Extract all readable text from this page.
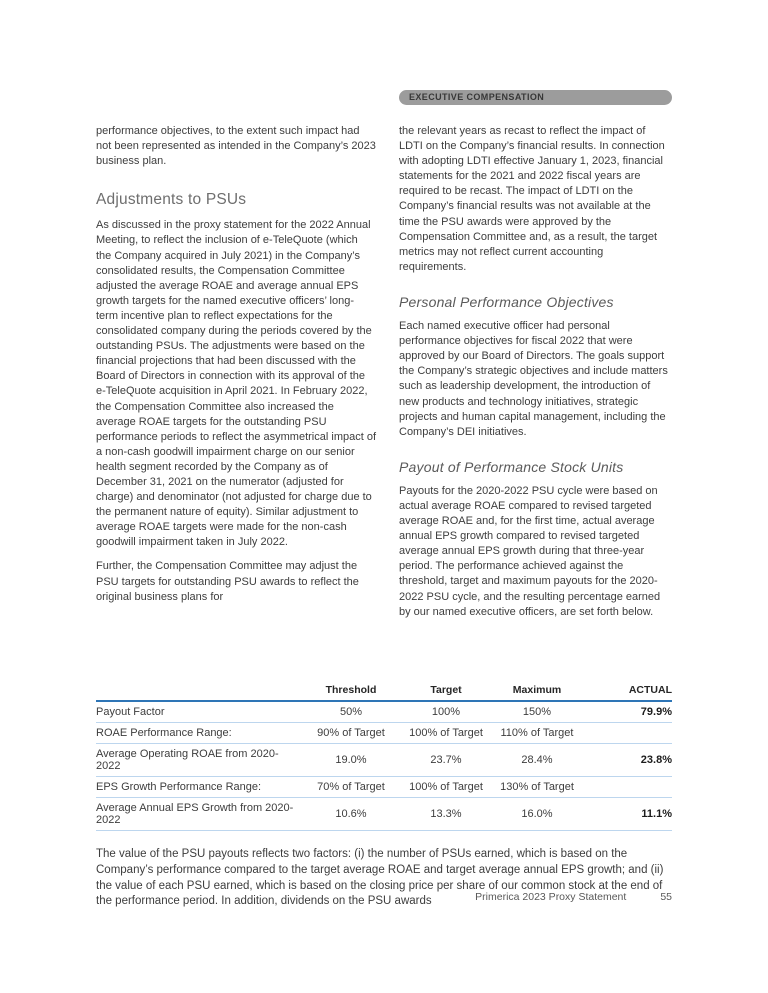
EXECUTIVE COMPENSATION

performance objectives, to the extent such impact had not been represented as intended in the Company’s 2023 business plan.

Adjustments to PSUs

As discussed in the proxy statement for the 2022 Annual Meeting, to reflect the inclusion of e-TeleQuote (which the Company acquired in July 2021) in the Company’s consolidated results, the Compensation Committee adjusted the average ROAE and average annual EPS growth targets for the named executive officers’ long-term incentive plan to reflect expectations for the consolidated company during the periods covered by the outstanding PSUs. The adjustments were based on the financial projections that had been discussed with the Board of Directors in connection with its approval of the e-TeleQuote acquisition in April 2021. In February 2022, the Compensation Committee also increased the average ROAE targets for the outstanding PSU performance periods to reflect the asymmetrical impact of a non-cash goodwill impairment charge on our senior health segment recorded by the Company as of December 31, 2021 on the numerator (adjusted for charge) and denominator (not adjusted for charge due to the permanent nature of equity). Similar adjustment to average ROAE targets were made for the non-cash goodwill impairment taken in July 2022.

Further, the Compensation Committee may adjust the PSU targets for outstanding PSU awards to reflect the original business plans for

the relevant years as recast to reflect the impact of LDTI on the Company’s financial results. In connection with adopting LDTI effective January 1, 2023, financial statements for the 2021 and 2022 fiscal years are required to be recast. The impact of LDTI on the Company’s financial results was not available at the time the PSU awards were approved by the Compensation Committee and, as a result, the target metrics may not reflect current accounting requirements.

Personal Performance Objectives

Each named executive officer had personal performance objectives for fiscal 2022 that were approved by our Board of Directors. The goals support the Company’s strategic objectives and include matters such as leadership development, the introduction of new products and technology initiatives, strategic projects and human capital management, including the Company’s DEI initiatives.

Payout of Performance Stock Units

Payouts for the 2020-2022 PSU cycle were based on actual average ROAE compared to revised targeted average ROAE and, for the first time, actual average annual EPS growth compared to revised targeted average annual EPS growth during that three-year period. The performance achieved against the threshold, target and maximum payouts for the 2020-2022 PSU cycle, and the resulting percentage earned by our named executive officers, are set forth below.

	Threshold	Target	Maximum	ACTUAL
Payout Factor	50%	100%	150%	79.9%
ROAE Performance Range:	90% of Target	100% of Target	110% of Target	
Average Operating ROAE from 2020-2022	19.0%	23.7%	28.4%	23.8%
EPS Growth Performance Range:	70% of Target	100% of Target	130% of Target	
Average Annual EPS Growth from 2020-2022	10.6%	13.3%	16.0%	11.1%

The value of the PSU payouts reflects two factors: (i) the number of PSUs earned, which is based on the Company’s performance compared to the target average ROAE and target average annual EPS growth; and (ii) the value of each PSU earned, which is based on the closing price per share of our common stock at the end of the performance period. In addition, dividends on the PSU awards	Primerica 2023 Proxy Statement	55
